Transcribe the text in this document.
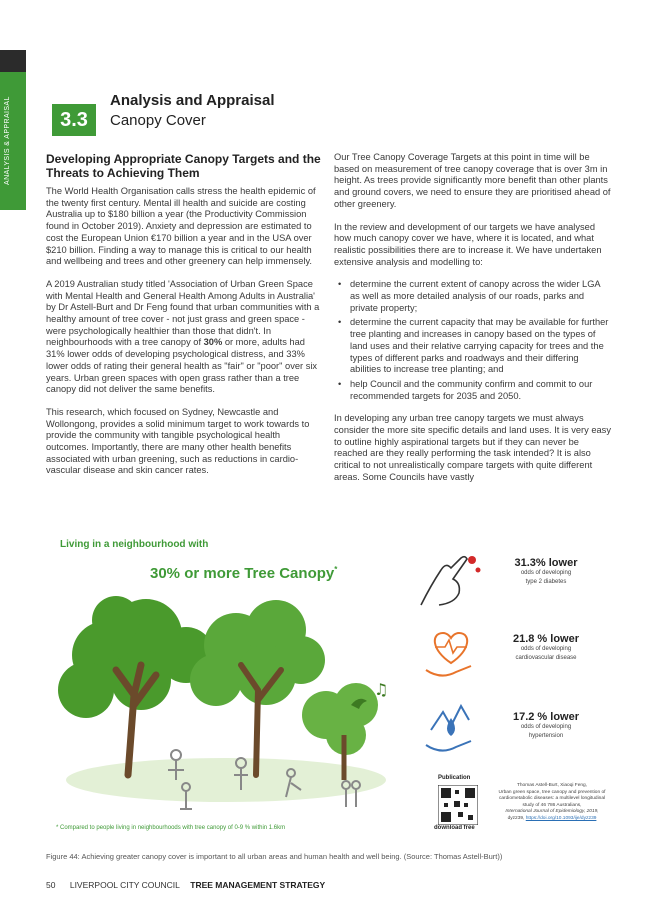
ANALYSIS & APPRAISAL	3.3
Analysis and Appraisal
Canopy Cover
Developing Appropriate Canopy Targets and the Threats to Achieving Them

The World Health Organisation calls stress the health epidemic of the twenty first century. Mental ill health and suicide are costing Australia up to $180 billion a year (the Productivity Commission found in October 2019). Anxiety and depression are estimated to cost the European Union €170 billion a year and in the USA over $210 billion. Finding a way to manage this is critical to our health and wellbeing and trees and other greenery can help immensely.

A 2019 Australian study titled 'Association of Urban Green Space with Mental Health and General Health Among Adults in Australia' by Dr Astell-Burt and Dr Feng found that urban communities with a healthy amount of tree cover - not just grass and green space - were psychologically healthier than those that didn't. In neighbourhoods with a tree canopy of 30% or more, adults had 31% lower odds of developing psychological distress, and 33% lower odds of rating their general health as "fair" or "poor" over six years. Urban green spaces with open grass rather than a tree canopy did not deliver the same benefits.

This research, which focused on Sydney, Newcastle and Wollongong, provides a solid minimum target to work towards to provide the community with tangible psychological health outcomes. Importantly, there are many other health benefits associated with urban greening, such as reductions in cardio-vascular disease and skin cancer rates.

Our Tree Canopy Coverage Targets at this point in time will be based on measurement of tree canopy coverage that is over 3m in height. As trees provide significantly more benefit than other plants and ground covers, we need to ensure they are prioritised ahead of other greenery.

In the review and development of our targets we have analysed how much canopy cover we have, where it is located, and what realistic possibilities there are to increase it. We have undertaken extensive analysis and modelling to:

• determine the current extent of canopy across the wider LGA as well as more detailed analysis of our roads, parks and private property;
• determine the current capacity that may be available for further tree planting and increases in canopy based on the types of land uses and their relative carrying capacity for trees and the types of different parks and roadways and their differing abilities to increase tree planting; and
• help Council and the community confirm and commit to our recommended targets for 2035 and 2050.

In developing any urban tree canopy targets we must always consider the more site specific details and land uses. It is very easy to outline highly aspirational targets but if they can never be reached are they really performing the task intended? It is also critical to not unrealistically compare targets with quite different areas. Some Councils have vastly

Living in a neighbourhood with
30% or more Tree Canopy*
♫
31.3% lower
odds of developing
type 2 diabetes
21.8 % lower
odds of developing
cardiovascular disease
17.2 % lower
odds of developing
hypertension
Publication
download free
Thomas Astell-Burt, Xiaoqi Feng,
Urban green space, tree canopy and prevention of cardiometabolic diseases: a multilevel longitudinal study of 46 786 Australians,
International Journal of Epidemiology, 2019,
dyz239, https://doi.org/10.1093/ije/dyz239
* Compared to people living in neighbourhoods with tree canopy of 0-9 % within 1.6km
Figure 44: Achieving greater canopy cover is important to all urban areas and human health and well being. (Source: Thomas Astell-Burt))
50 LIVERPOOL CITY COUNCIL TREE MANAGEMENT STRATEGY
